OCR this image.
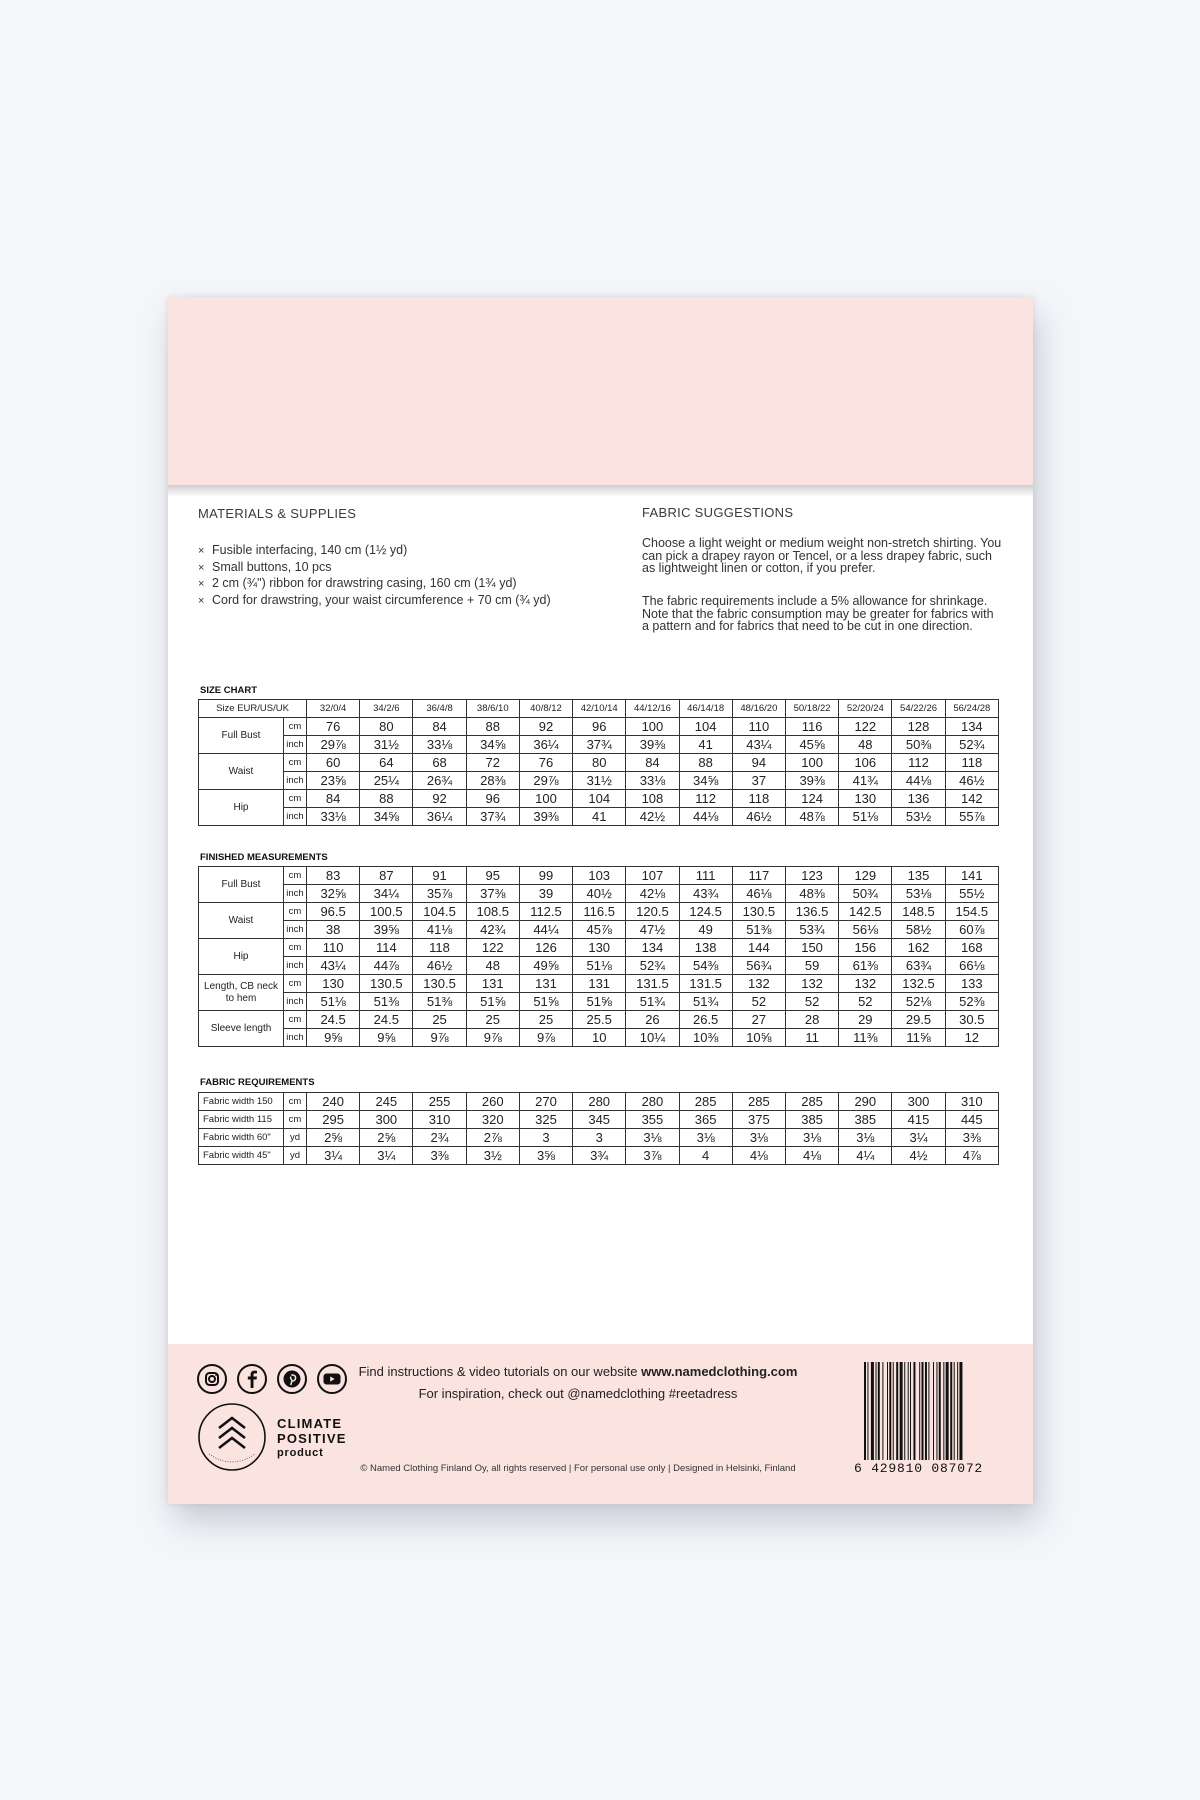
MATERIALS & SUPPLIES
× Fusible interfacing, 140 cm (1½ yd)
× Small buttons, 10 pcs
× 2 cm (¾") ribbon for drawstring casing, 160 cm (1¾ yd)
× Cord for drawstring, your waist circumference + 70 cm (¾ yd)
FABRIC SUGGESTIONS

Choose a light weight or medium weight non-stretch shirting. You can pick a drapey rayon or Tencel, or a less drapey fabric, such as lightweight linen or cotton, if you prefer.

The fabric requirements include a 5% allowance for shrinkage. Note that the fabric consumption may be greater for fabrics with a pattern and for fabrics that need to be cut in one direction.

SIZE CHART
Size EUR/US/UK		32/0/4	34/2/6	36/4/8	38/6/10	40/8/12	42/10/14	44/12/16	46/14/18	48/16/20	50/18/22	52/20/24	54/22/26	56/24/28
Full Bust	cm	76	80	84	88	92	96	100	104	110	116	122	128	134
	inch	29⅞	31½	33⅛	34⅝	36¼	37¾	39⅜	41	43¼	45⅝	48	50⅜	52¾
Waist	cm	60	64	68	72	76	80	84	88	94	100	106	112	118
	inch	23⅝	25¼	26¾	28⅜	29⅞	31½	33⅛	34⅝	37	39⅜	41¾	44⅛	46½
Hip	cm	84	88	92	96	100	104	108	112	118	124	130	136	142
	inch	33⅛	34⅝	36¼	37¾	39⅜	41	42½	44⅛	46½	48⅞	51⅛	53½	55⅞
FINISHED MEASUREMENTS
Full Bust	cm	83	87	91	95	99	103	107	111	117	123	129	135	141
	inch	32⅝	34¼	35⅞	37⅜	39	40½	42⅛	43¾	46⅛	48⅜	50¾	53⅛	55½
Waist	cm	96.5	100.5	104.5	108.5	112.5	116.5	120.5	124.5	130.5	136.5	142.5	148.5	154.5
	inch	38	39⅝	41⅛	42¾	44¼	45⅞	47½	49	51⅜	53¾	56⅛	58½	60⅞
Hip	cm	110	114	118	122	126	130	134	138	144	150	156	162	168
	inch	43¼	44⅞	46½	48	49⅝	51⅛	52¾	54⅜	56¾	59	61⅜	63¾	66⅛
Length, CB neck to hem	cm	130	130.5	130.5	131	131	131	131.5	131.5	132	132	132	132.5	133
	inch	51⅛	51⅜	51⅜	51⅝	51⅝	51⅝	51¾	51¾	52	52	52	52⅛	52⅜
Sleeve length	cm	24.5	24.5	25	25	25	25.5	26	26.5	27	28	29	29.5	30.5
	inch	9⅝	9⅝	9⅞	9⅞	9⅞	10	10¼	10⅜	10⅝	11	11⅜	11⅝	12
FABRIC REQUIREMENTS
Fabric width 150	cm	240	245	255	260	270	280	280	285	285	285	290	300	310
Fabric width 115	cm	295	300	310	320	325	345	355	365	375	385	385	415	445
Fabric width 60"	yd	2⅝	2⅝	2¾	2⅞	3	3	3⅛	3⅛	3⅛	3⅛	3⅛	3¼	3⅜
Fabric width 45"	yd	3¼	3¼	3⅜	3½	3⅝	3¾	3⅞	4	4⅛	4⅛	4¼	4½	4⅞
CLIMATE
POSITIVE
product
Find instructions & video tutorials on our website www.namedclothing.com
For inspiration, check out @namedclothing #reetadress
© Named Clothing Finland Oy, all rights reserved | For personal use only | Designed in Helsinki, Finland	6 429810 087072
